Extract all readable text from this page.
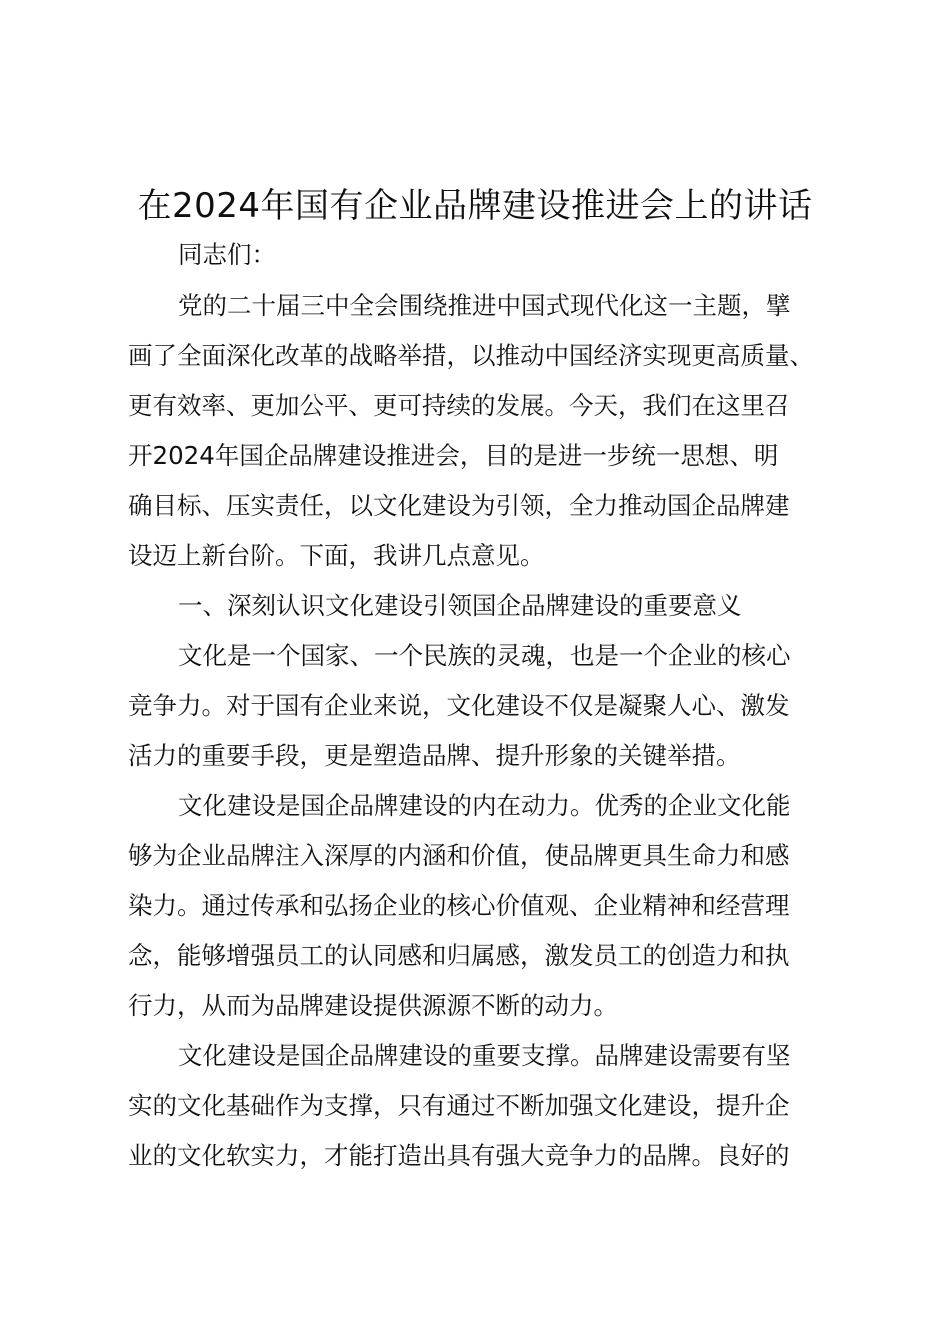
在2024年国有企业品牌建设推进会上的讲话
同志们：
党的二十届三中全会围绕推进中国式现代化这一主题，擘
画了全面深化改革的战略举措，以推动中国经济实现更高质量、
更有效率、更加公平、更可持续的发展。今天，我们在这里召
开2024年国企品牌建设推进会，目的是进一步统一思想、明
确目标、压实责任，以文化建设为引领，全力推动国企品牌建
设迈上新台阶。下面，我讲几点意见。
一、深刻认识文化建设引领国企品牌建设的重要意义
文化是一个国家、一个民族的灵魂，也是一个企业的核心
竞争力。对于国有企业来说，文化建设不仅是凝聚人心、激发
活力的重要手段，更是塑造品牌、提升形象的关键举措。
文化建设是国企品牌建设的内在动力。优秀的企业文化能
够为企业品牌注入深厚的内涵和价值，使品牌更具生命力和感
染力。通过传承和弘扬企业的核心价值观、企业精神和经营理
念，能够增强员工的认同感和归属感，激发员工的创造力和执
行力，从而为品牌建设提供源源不断的动力。
文化建设是国企品牌建设的重要支撑。品牌建设需要有坚
实的文化基础作为支撑，只有通过不断加强文化建设，提升企
业的文化软实力，才能打造出具有强大竞争力的品牌。良好的
